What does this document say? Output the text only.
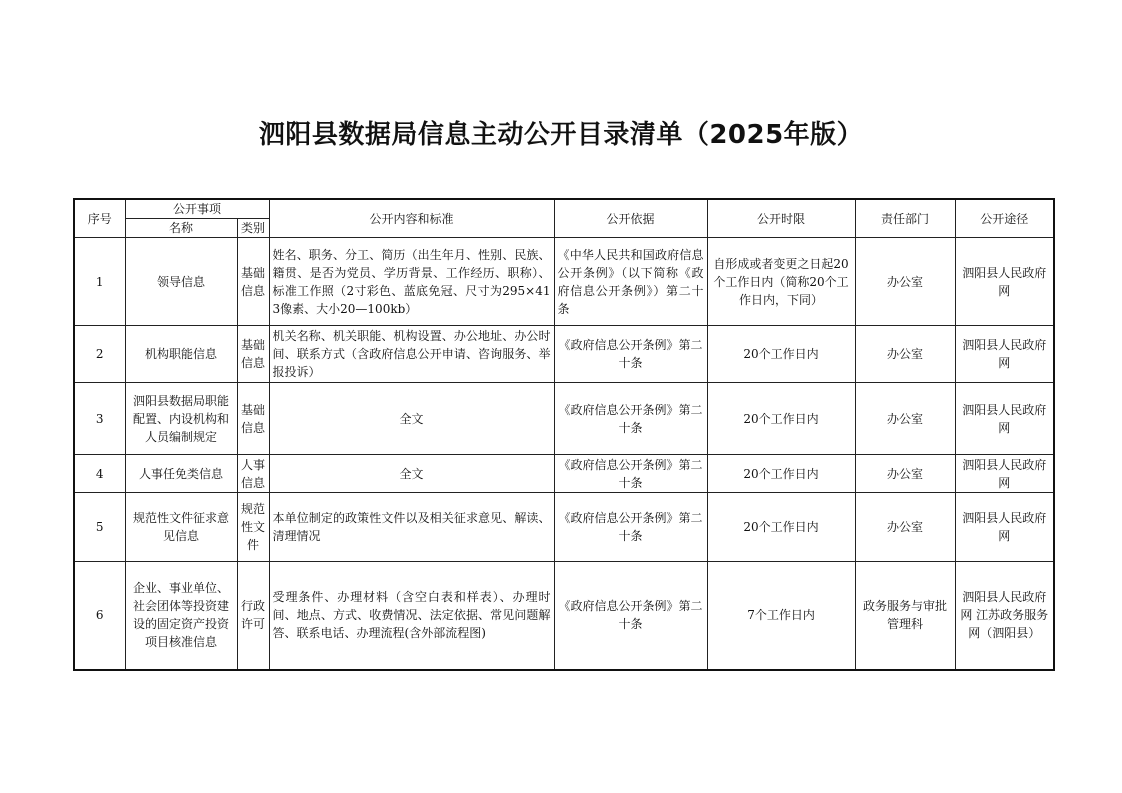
泗阳县数据局信息主动公开目录清单（2025年版）
序号	公开事项		公开内容和标准	公开依据	公开时限	责任部门	公开途径
	名称	类别					
1	领导信息	基础信息	姓名、职务、分工、简历（出生年月、性别、民族、籍贯、是否为党员、学历背景、工作经历、职称）、标准工作照（2寸彩色、蓝底免冠、尺寸为295×413像素、大小20—100kb）	《中华人民共和国政府信息公开条例》（以下简称《政府信息公开条例》）第二十条	自形成或者变更之日起20个工作日内（简称20个工作日内，下同）	办公室	泗阳县人民政府网
2	机构职能信息	基础信息	机关名称、机关职能、机构设置、办公地址、办公时间、联系方式（含政府信息公开申请、咨询服务、举报投诉）	《政府信息公开条例》第二十条	20个工作日内	办公室	泗阳县人民政府网
3	泗阳县数据局职能配置、内设机构和人员编制规定	基础信息	全文	《政府信息公开条例》第二十条	20个工作日内	办公室	泗阳县人民政府网
4	人事任免类信息	人事信息	全文	《政府信息公开条例》第二十条	20个工作日内	办公室	泗阳县人民政府网
5	规范性文件征求意见信息	规范性文件	本单位制定的政策性文件以及相关征求意见、解读、清理情况	《政府信息公开条例》第二十条	20个工作日内	办公室	泗阳县人民政府网
6	企业、事业单位、社会团体等投资建设的固定资产投资项目核准信息	行政许可	受理条件、办理材料（含空白表和样表）、办理时间、地点、方式、收费情况、法定依据、常见问题解答、联系电话、办理流程(含外部流程图)	《政府信息公开条例》第二十条	7个工作日内	政务服务与审批管理科	泗阳县人民政府网 江苏政务服务网（泗阳县）
